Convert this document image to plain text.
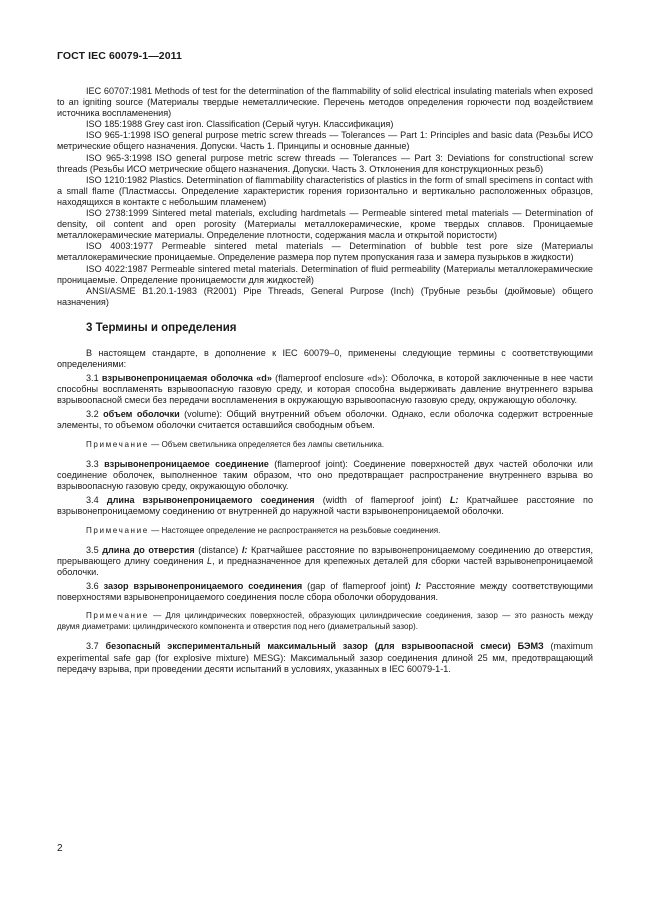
ГОСТ IEC 60079-1—2011

IEC 60707:1981 Methods of test for the determination of the flammability of solid electrical insulating materials when exposed to an igniting source (Материалы твердые неметаллические. Перечень методов определения горючести под воздействием источника воспламенения)

ISO 185:1988 Grey cast iron. Classification (Серый чугун. Классификация)

ISO 965-1:1998 ISO general purpose metric screw threads — Tolerances — Part 1: Principles and basic data (Резьбы ИСО метрические общего назначения. Допуски. Часть 1. Принципы и основные данные)

ISO 965-3:1998 ISO general purpose metric screw threads — Tolerances — Part 3: Deviations for constructional screw threads (Резьбы ИСО метрические общего назначения. Допуски. Часть 3. Отклонения для конструкционных резьб)

ISO 1210:1982 Plastics. Determination of flammability characteristics of plastics in the form of small specimens in contact with a small flame (Пластмассы. Определение характеристик горения горизонтально и вертикально расположенных образцов, находящихся в контакте с небольшим пламенем)

ISO 2738:1999 Sintered metal materials, excluding hardmetals — Permeable sintered metal materials — Determination of density, oil content and open porosity (Материалы металлокерамические, кроме твердых сплавов. Проницаемые металлокерамические материалы. Определение плотности, содержания масла и открытой пористости)

ISO 4003:1977 Permeable sintered metal materials — Determination of bubble test pore size (Материалы металлокерамические проницаемые. Определение размера пор путем пропускания газа и замера пузырьков в жидкости)

ISO 4022:1987 Permeable sintered metal materials. Determination of fluid permeability (Материалы металлокерамические проницаемые. Определение проницаемости для жидкостей)

ANSI/ASME B1.20.1-1983 (R2001) Pipe Threads, General Purpose (Inch) (Трубные резьбы (дюймовые) общего назначения)

3 Термины и определения

В настоящем стандарте, в дополнение к IEC 60079–0, применены следующие термины с соответствующими определениями:

3.1 взрывонепроницаемая оболочка «d» (flameproof enclosure «d»): Оболочка, в которой заключенные в нее части способны воспламенять взрывоопасную газовую среду, и которая способна выдерживать давление внутреннего взрыва взрывоопасной смеси без передачи воспламенения в окружающую взрывоопасную газовую среду, окружающую оболочку.

3.2 объем оболочки (volume): Общий внутренний объем оболочки. Однако, если оболочка содержит встроенные элементы, то объемом оболочки считается оставшийся свободным объем.

Примечание — Объем светильника определяется без лампы светильника.

3.3 взрывонепроницаемое соединение (flameproof joint): Соединение поверхностей двух частей оболочки или соединение оболочек, выполненное таким образом, что оно предотвращает распространение внутреннего взрыва во взрывоопасную газовую среду, окружающую оболочку.

3.4 длина взрывонепроницаемого соединения (width of flameproof joint) L: Кратчайшее расстояние по взрывонепроницаемому соединению от внутренней до наружной части взрывонепроницаемой оболочки.

Примечание — Настоящее определение не распространяется на резьбовые соединения.

3.5 длина до отверстия (distance) l: Кратчайшее расстояние по взрывонепроницаемому соединению до отверстия, прерывающего длину соединения L, и предназначенное для крепежных деталей для сборки частей взрывонепроницаемой оболочки.

3.6 зазор взрывонепроницаемого соединения (gap of flameproof joint) I: Расстояние между соответствующими поверхностями взрывонепроницаемого соединения после сбора оболочки оборудования.

Примечание — Для цилиндрических поверхностей, образующих цилиндрические соединения, зазор — это разность между двумя диаметрами: цилиндрического компонента и отверстия под него (диаметральный зазор).

3.7 безопасный экспериментальный максимальный зазор (для взрывоопасной смеси) БЭМЗ (maximum experimental safe gap (for explosive mixture) MESG): Максимальный зазор соединения длиной 25 мм, предотвращающий передачу взрыва, при проведении десяти испытаний в условиях, указанных в IEC 60079-1-1.

2
